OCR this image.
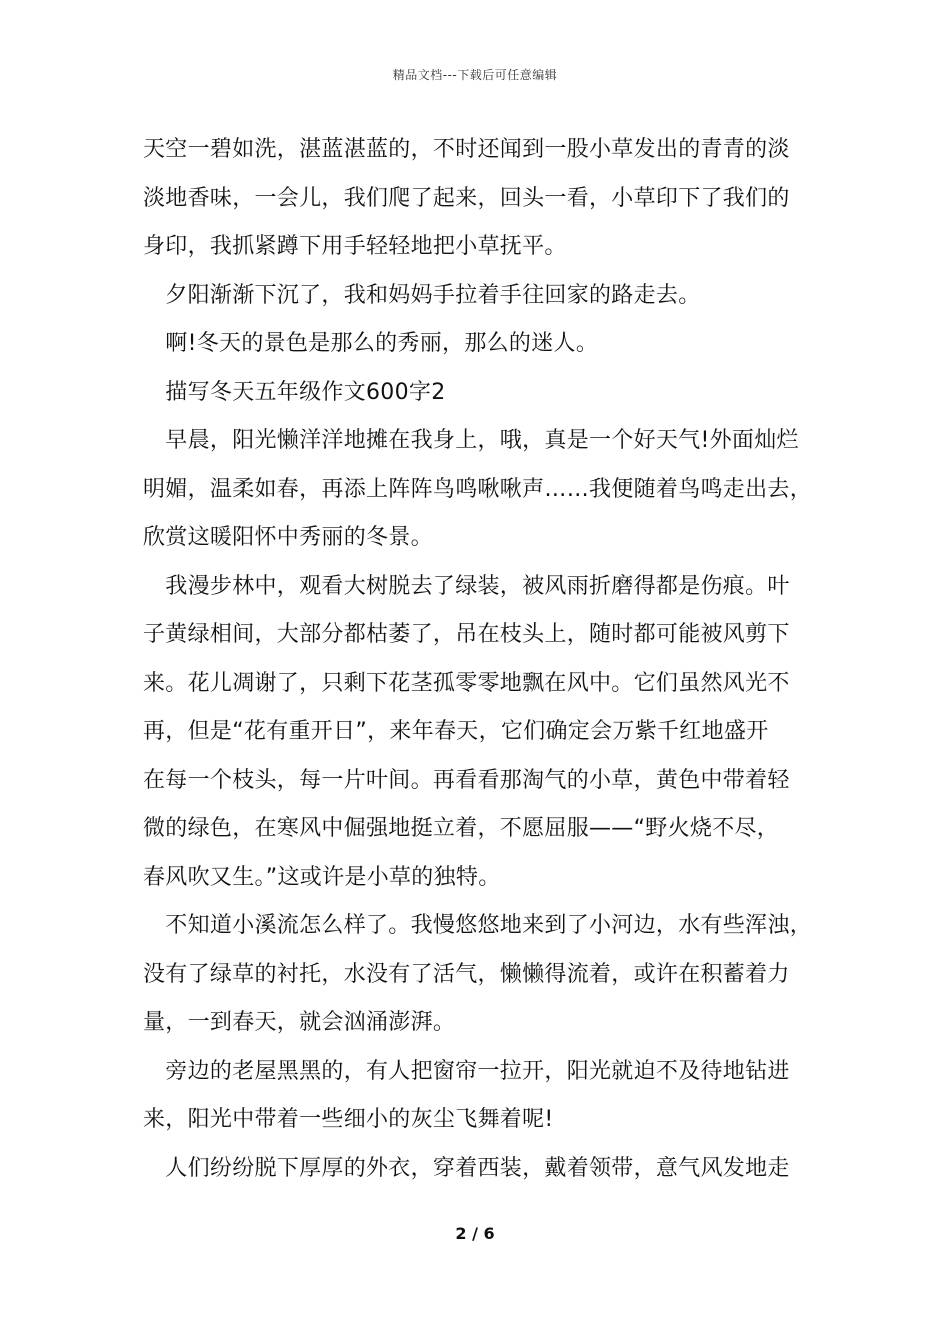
精品文档---下载后可任意编辑
天空一碧如洗，湛蓝湛蓝的，不时还闻到一股小草发出的青青的淡
淡地香味，一会儿，我们爬了起来，回头一看，小草印下了我们的
身印，我抓紧蹲下用手轻轻地把小草抚平。
　夕阳渐渐下沉了，我和妈妈手拉着手往回家的路走去。
　啊!冬天的景色是那么的秀丽，那么的迷人。
　描写冬天五年级作文600字2
　早晨，阳光懒洋洋地摊在我身上，哦，真是一个好天气!外面灿烂
明媚，温柔如春，再添上阵阵鸟鸣啾啾声……我便随着鸟鸣走出去，
欣赏这暖阳怀中秀丽的冬景。
　我漫步林中，观看大树脱去了绿装，被风雨折磨得都是伤痕。叶
子黄绿相间，大部分都枯萎了，吊在枝头上，随时都可能被风剪下
来。花儿凋谢了，只剩下花茎孤零零地飘在风中。它们虽然风光不
再，但是“花有重开日”，来年春天，它们确定会万紫千红地盛开
在每一个枝头，每一片叶间。再看看那淘气的小草，黄色中带着轻
微的绿色，在寒风中倔强地挺立着，不愿屈服——“野火烧不尽，
春风吹又生。”这或许是小草的独特。
　不知道小溪流怎么样了。我慢悠悠地来到了小河边，水有些浑浊，
没有了绿草的衬托，水没有了活气，懒懒得流着，或许在积蓄着力
量，一到春天，就会汹涌澎湃。
　旁边的老屋黑黑的，有人把窗帘一拉开，阳光就迫不及待地钻进
来，阳光中带着一些细小的灰尘飞舞着呢!
　人们纷纷脱下厚厚的外衣，穿着西装，戴着领带，意气风发地走
2 / 6
